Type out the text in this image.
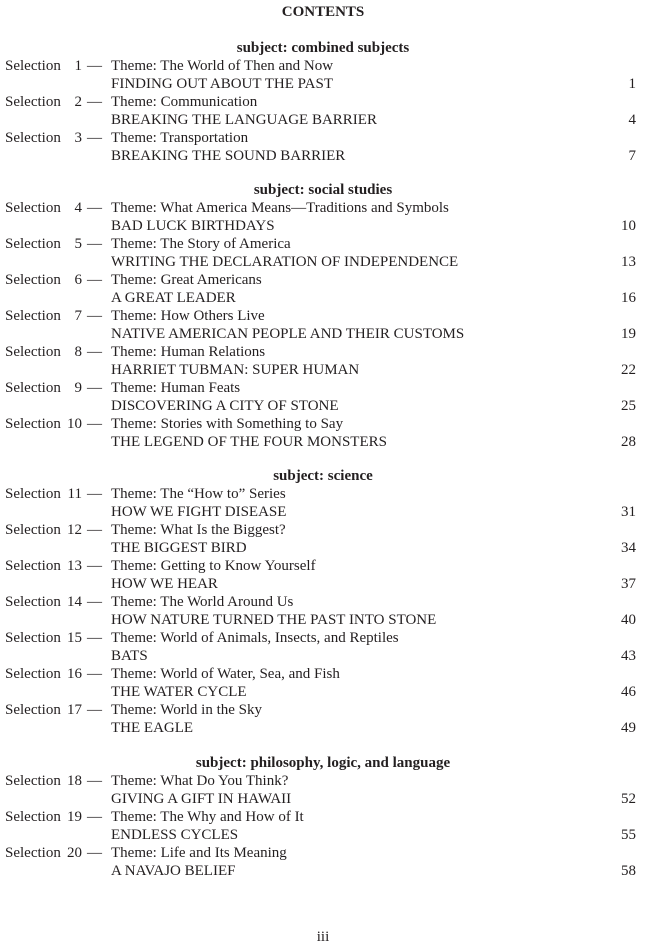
CONTENTS
subject: combined subjects
Selection 1 — Theme: The World of Then and Now
FINDING OUT ABOUT THE PAST	1
Selection 2 — Theme: Communication
BREAKING THE LANGUAGE BARRIER	4
Selection 3 — Theme: Transportation
BREAKING THE SOUND BARRIER	7
subject: social studies
Selection 4 — Theme: What America Means—Traditions and Symbols
BAD LUCK BIRTHDAYS	10
Selection 5 — Theme: The Story of America
WRITING THE DECLARATION OF INDEPENDENCE	13
Selection 6 — Theme: Great Americans
A GREAT LEADER	16
Selection 7 — Theme: How Others Live
NATIVE AMERICAN PEOPLE AND THEIR CUSTOMS	19
Selection 8 — Theme: Human Relations
HARRIET TUBMAN: SUPER HUMAN	22
Selection 9 — Theme: Human Feats
DISCOVERING A CITY OF STONE	25
Selection 10 — Theme: Stories with Something to Say
THE LEGEND OF THE FOUR MONSTERS	28
subject: science
Selection 11 — Theme: The “How to” Series
HOW WE FIGHT DISEASE	31
Selection 12 — Theme: What Is the Biggest?
THE BIGGEST BIRD	34
Selection 13 — Theme: Getting to Know Yourself
HOW WE HEAR	37
Selection 14 — Theme: The World Around Us
HOW NATURE TURNED THE PAST INTO STONE	40
Selection 15 — Theme: World of Animals, Insects, and Reptiles
BATS	43
Selection 16 — Theme: World of Water, Sea, and Fish
THE WATER CYCLE	46
Selection 17 — Theme: World in the Sky
THE EAGLE	49
subject: philosophy, logic, and language
Selection 18 — Theme: What Do You Think?
GIVING A GIFT IN HAWAII	52
Selection 19 — Theme: The Why and How of It
ENDLESS CYCLES	55
Selection 20 — Theme: Life and Its Meaning
A NAVAJO BELIEF	58
iii
